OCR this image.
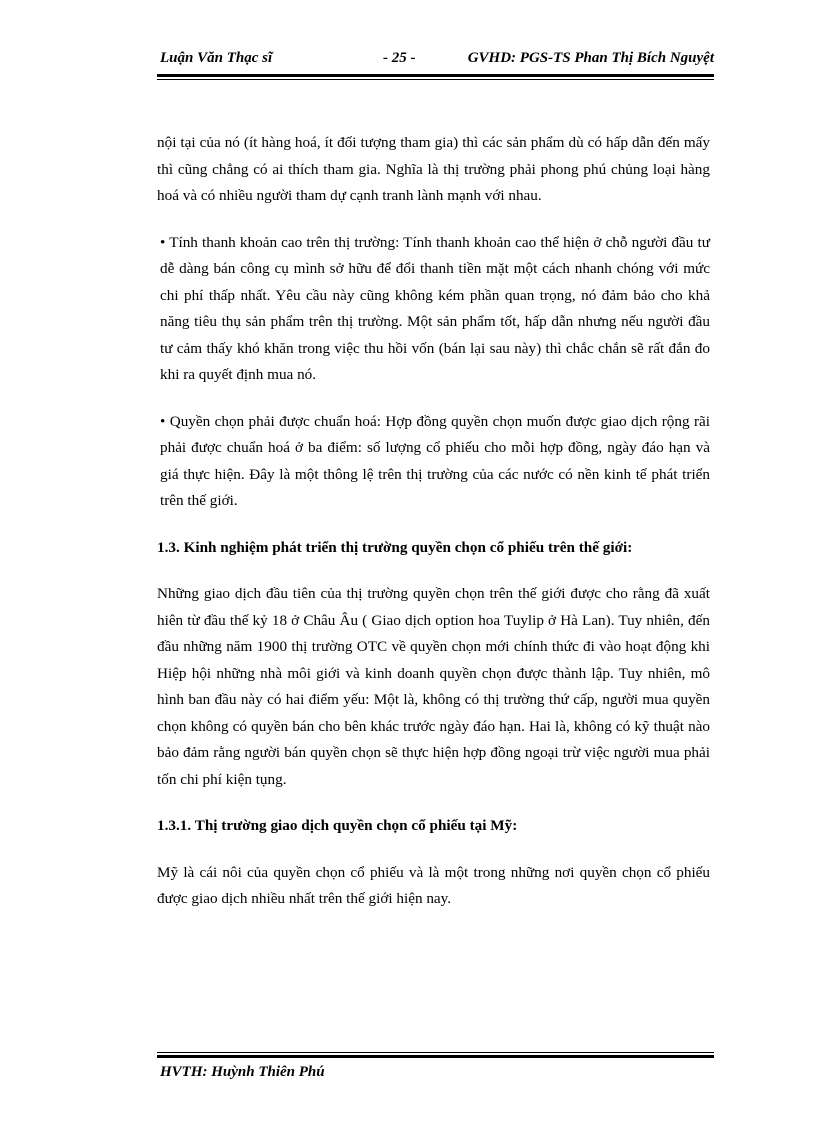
Luận Văn Thạc sĩ	- 25 -	GVHD: PGS-TS Phan Thị Bích Nguyệt

nội tại của nó (ít hàng hoá, ít đối tượng tham gia) thì các sản phẩm dù có hấp dẫn đến mấy thì cũng chẳng có ai thích tham gia. Nghĩa là thị trường phải phong phú chủng loại hàng hoá và có nhiều người tham dự cạnh tranh lành mạnh với nhau.

• Tính thanh khoản cao trên thị trường: Tính thanh khoản cao thể hiện ở chỗ người đầu tư dễ dàng bán công cụ mình sở hữu để đổi thanh tiền mặt một cách nhanh chóng với mức chi phí thấp nhất. Yêu cầu này cũng không kém phần quan trọng, nó đảm bảo cho khả năng tiêu thụ sản phẩm trên thị trường. Một sản phẩm tốt, hấp dẫn nhưng nếu người đầu tư cảm thấy khó khăn trong việc thu hồi vốn (bán lại sau này) thì chắc chắn sẽ rất đắn đo khi ra quyết định mua nó.

• Quyền chọn phải được chuẩn hoá: Hợp đồng quyền chọn muốn được giao dịch rộng rãi phải được chuẩn hoá ở ba điểm: số lượng cổ phiếu cho mỗi hợp đồng, ngày đáo hạn và giá thực hiện. Đây là một thông lệ trên thị trường của các nước có nền kinh tế phát triển trên thế giới.

1.3. Kinh nghiệm phát triển thị trường quyền chọn cổ phiếu trên thế giới:

Những giao dịch đầu tiên của thị trường quyền chọn trên thế giới được cho rằng đã xuất hiên từ đầu thế kỷ 18 ở Châu Âu ( Giao dịch option hoa Tuylip ở Hà Lan). Tuy nhiên, đến đầu những năm 1900 thị trường OTC về quyền chọn mới chính thức đi vào hoạt động khi Hiệp hội những nhà môi giới và kinh doanh quyền chọn được thành lập. Tuy nhiên, mô hình ban đầu này có hai điểm yếu: Một là, không có thị trường thứ cấp, người mua quyền chọn không có quyền bán cho bên khác trước ngày đáo hạn. Hai là, không có kỹ thuật nào bảo đảm rằng người bán quyền chọn sẽ thực hiện hợp đồng ngoại trừ việc người mua phải tốn chi phí kiện tụng.

1.3.1. Thị trường giao dịch quyền chọn cổ phiếu tại Mỹ:

Mỹ là cái nôi của quyền chọn cổ phiếu và là một trong những nơi quyền chọn cổ phiếu được giao dịch nhiều nhất trên thế giới hiện nay.

HVTH: Huỳnh Thiên Phú
